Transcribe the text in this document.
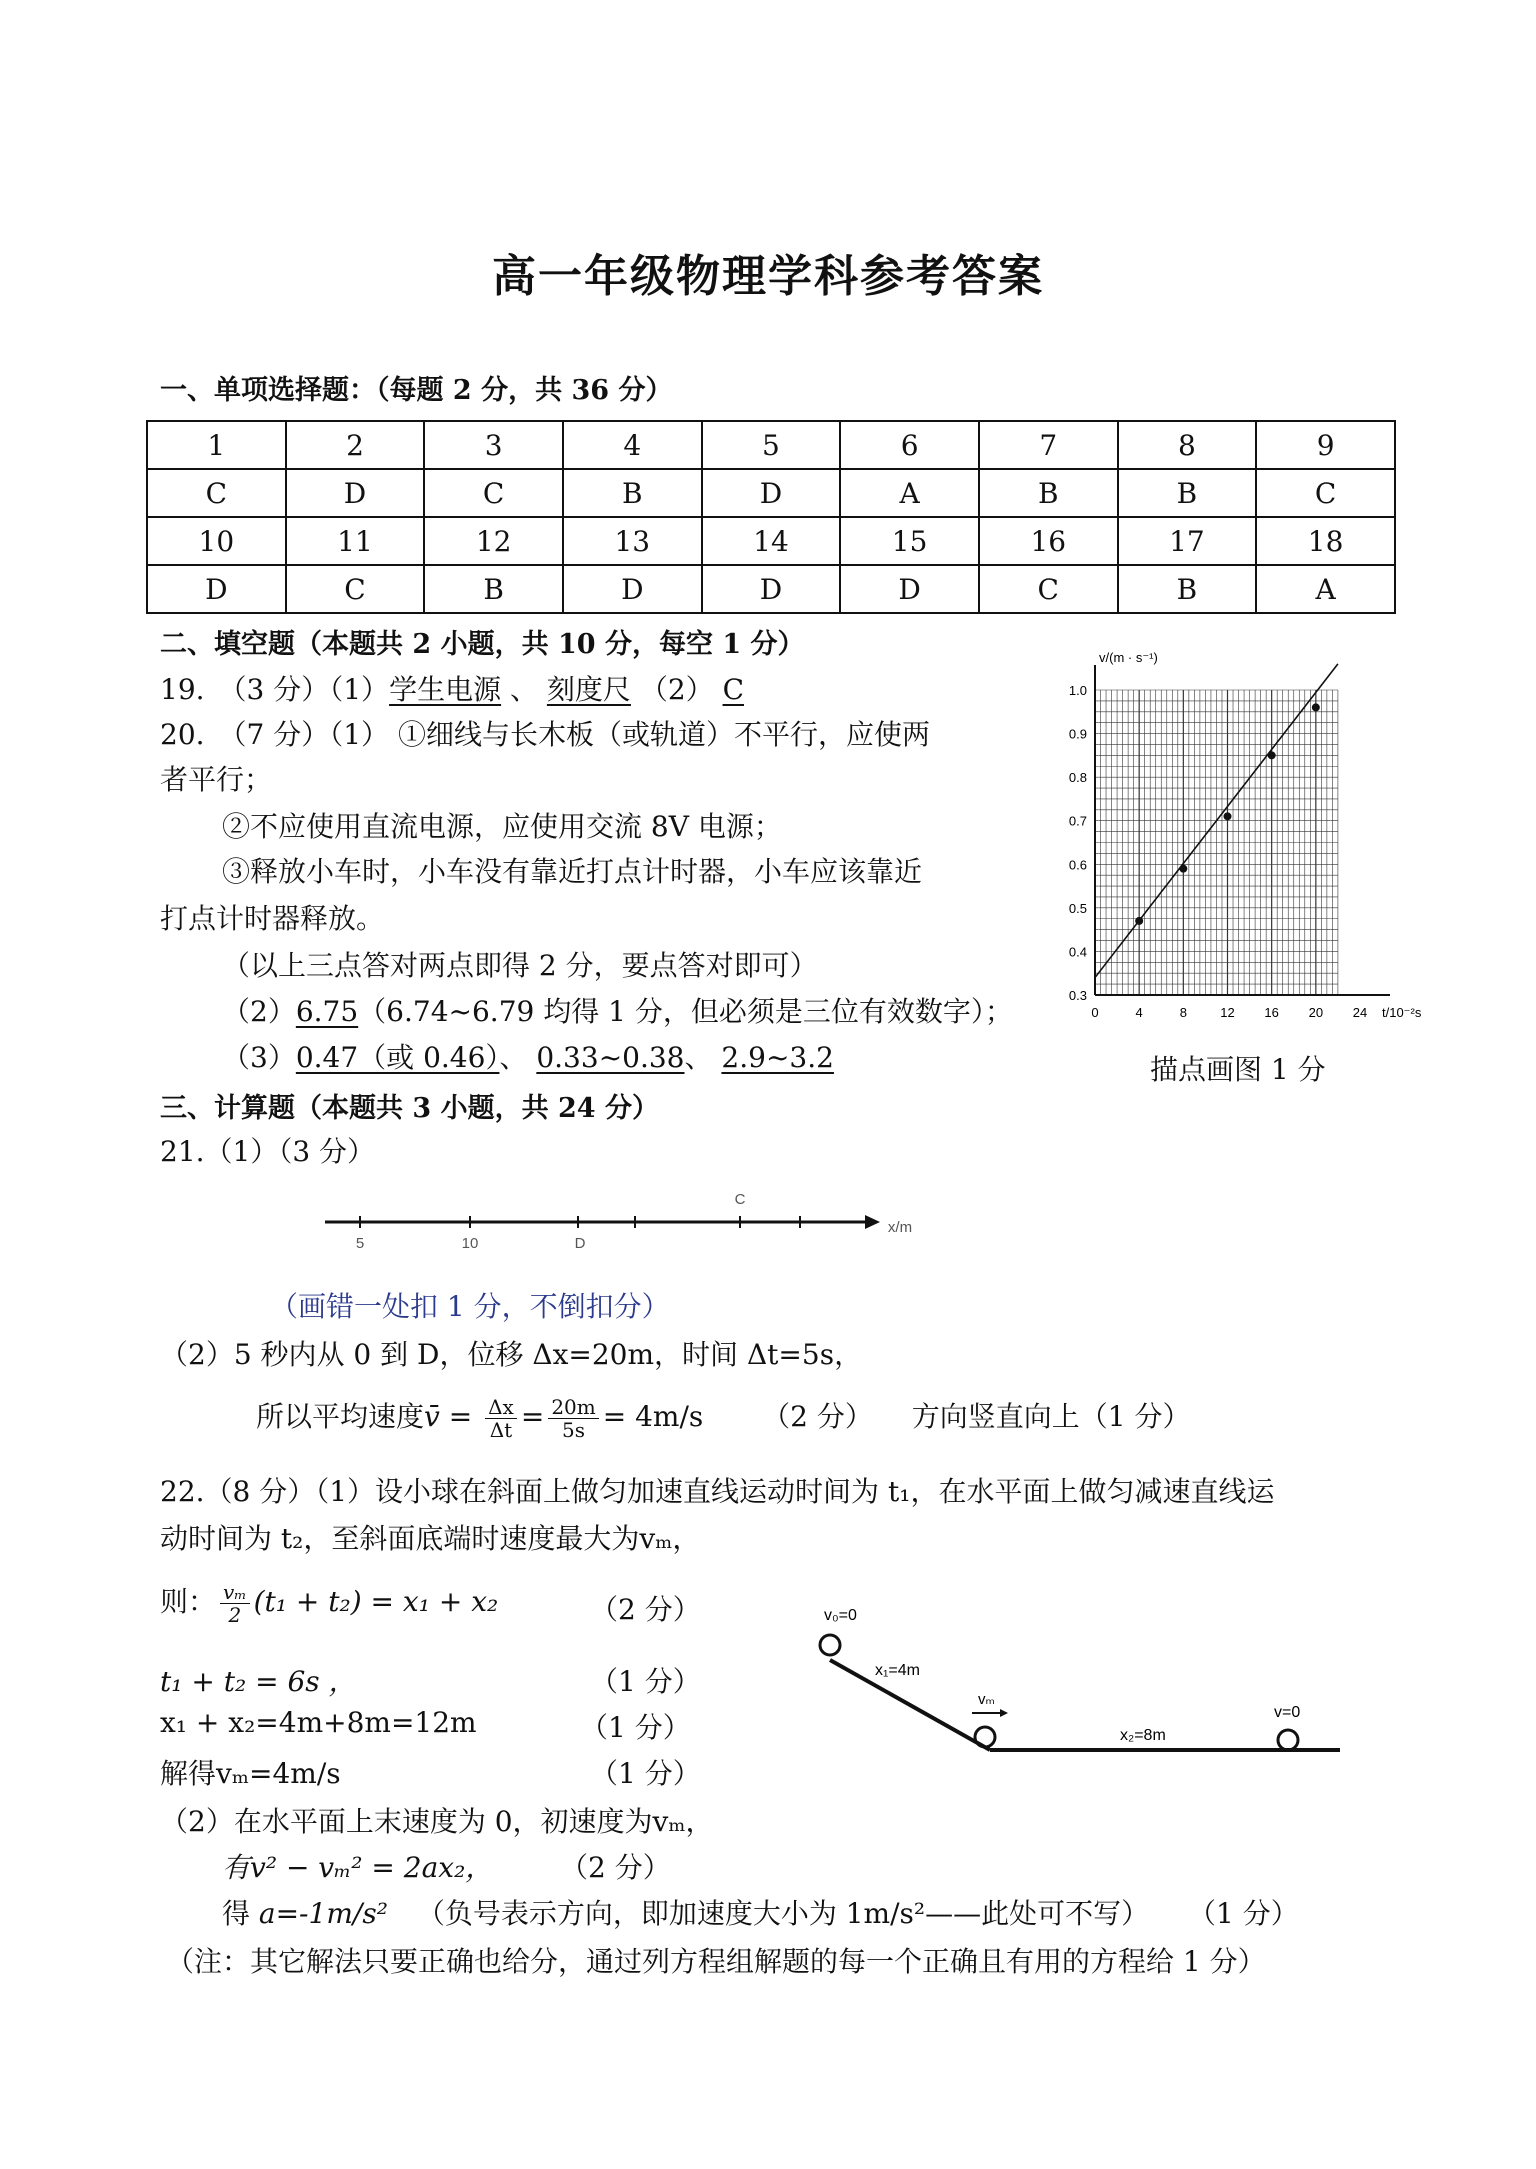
高一年级物理学科参考答案
一、单项选择题：（每题 2 分，共 36 分）
1	2	3	4	5	6	7	8	9
C	D	C	B	D	A	B	B	C
10	11	12	13	14	15	16	17	18
D	C	B	D	D	D	C	B	A
二、填空题（本题共 2 小题，共 10 分，每空 1 分）
19.　（3 分）（1）学生电源 、 刻度尺 （2） C
20.　（7 分）（1） ①细线与长木板（或轨道）不平行，应使两
者平行；
②不应使用直流电源，应使用交流 8V 电源；
③释放小车时，小车没有靠近打点计时器，小车应该靠近
打点计时器释放。
（以上三点答对两点即得 2 分，要点答对即可）
（2）6.75（6.74~6.79 均得 1 分，但必须是三位有效数字）；
（3）0.47（或 0.46）、 0.33~0.38、 2.9~3.2
0	4	8	12 16 20 24
0.3
0.4
0.5
0.6
0.7
0.8
0.9
1.0
v/(m · s⁻¹)
t/10⁻²s
描点画图 1 分
三、计算题（本题共 3 小题，共 24 分）
21.（1）（3 分）
5	10	D
C
x/m
（画错一处扣 1 分，不倒扣分）
（2）5 秒内从 0 到 D，位移 Δx=20m，时间 Δt=5s，
所以平均速度v̄ = $\frac{\Delta x}{\Delta t} = \frac{20m}{5s} = 4m/s$ （2 分） 方向竖直向上（1 分）
22.（8 分）（1）设小球在斜面上做匀加速直线运动时间为 t₁，在水平面上做匀减速直线运
动时间为 t₂，至斜面底端时速度最大为vₘ，
则： $\frac{\text{vₘ}}{2} (t_1 + t_2) = x_1 + x_2$	（2 分）
t₁ + t₂ = 6s ，	（1 分）
x₁ + x₂=4m+8m=12m	（1 分）
解得vₘ=4m/s	（1 分）
v₀=0
x₁=4m
vₘ
x₂=8m
v=0
（2）在水平面上末速度为 0，初速度为vₘ，
有v² − vₘ² = 2ax₂， （2 分）
得 a=-1m/s² （负号表示方向，即加速度大小为 1m/s²——此处可不写） （1 分）
（注：其它解法只要正确也给分，通过列方程组解题的每一个正确且有用的方程给 1 分）
